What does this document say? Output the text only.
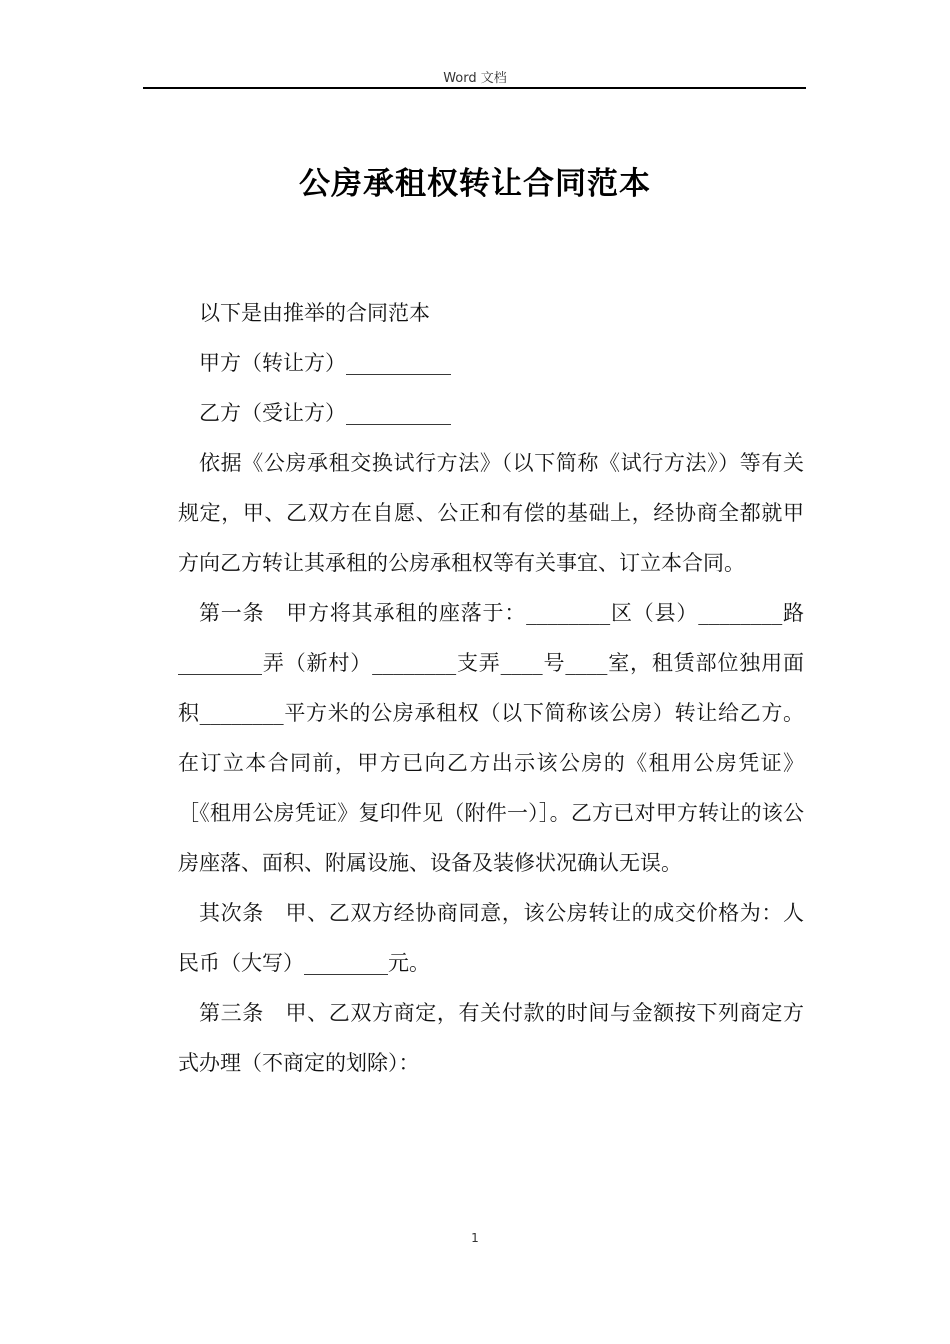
Word 文档
公房承租权转让合同范本

以下是由推举的合同范本

甲方（转让方）__________

乙方（受让方）__________

依据《公房承租交换试行方法》（以下简称《试行方法》）等有关规定，甲、乙双方在自愿、公正和有偿的基础上，经协商全都就甲方向乙方转让其承租的公房承租权等有关事宜、订立本合同。

第一条　甲方将其承租的座落于：________区（县）________路________弄（新村）________支弄____号____室，租赁部位独用面积________平方米的公房承租权（以下简称该公房）转让给乙方。在订立本合同前，甲方已向乙方出示该公房的《租用公房凭证》［《租用公房凭证》复印件见（附件一）］。乙方已对甲方转让的该公房座落、面积、附属设施、设备及装修状况确认无误。

其次条　甲、乙双方经协商同意，该公房转让的成交价格为：人民币（大写）________元。

第三条　甲、乙双方商定，有关付款的时间与金额按下列商定方式办理（不商定的划除）：

1
